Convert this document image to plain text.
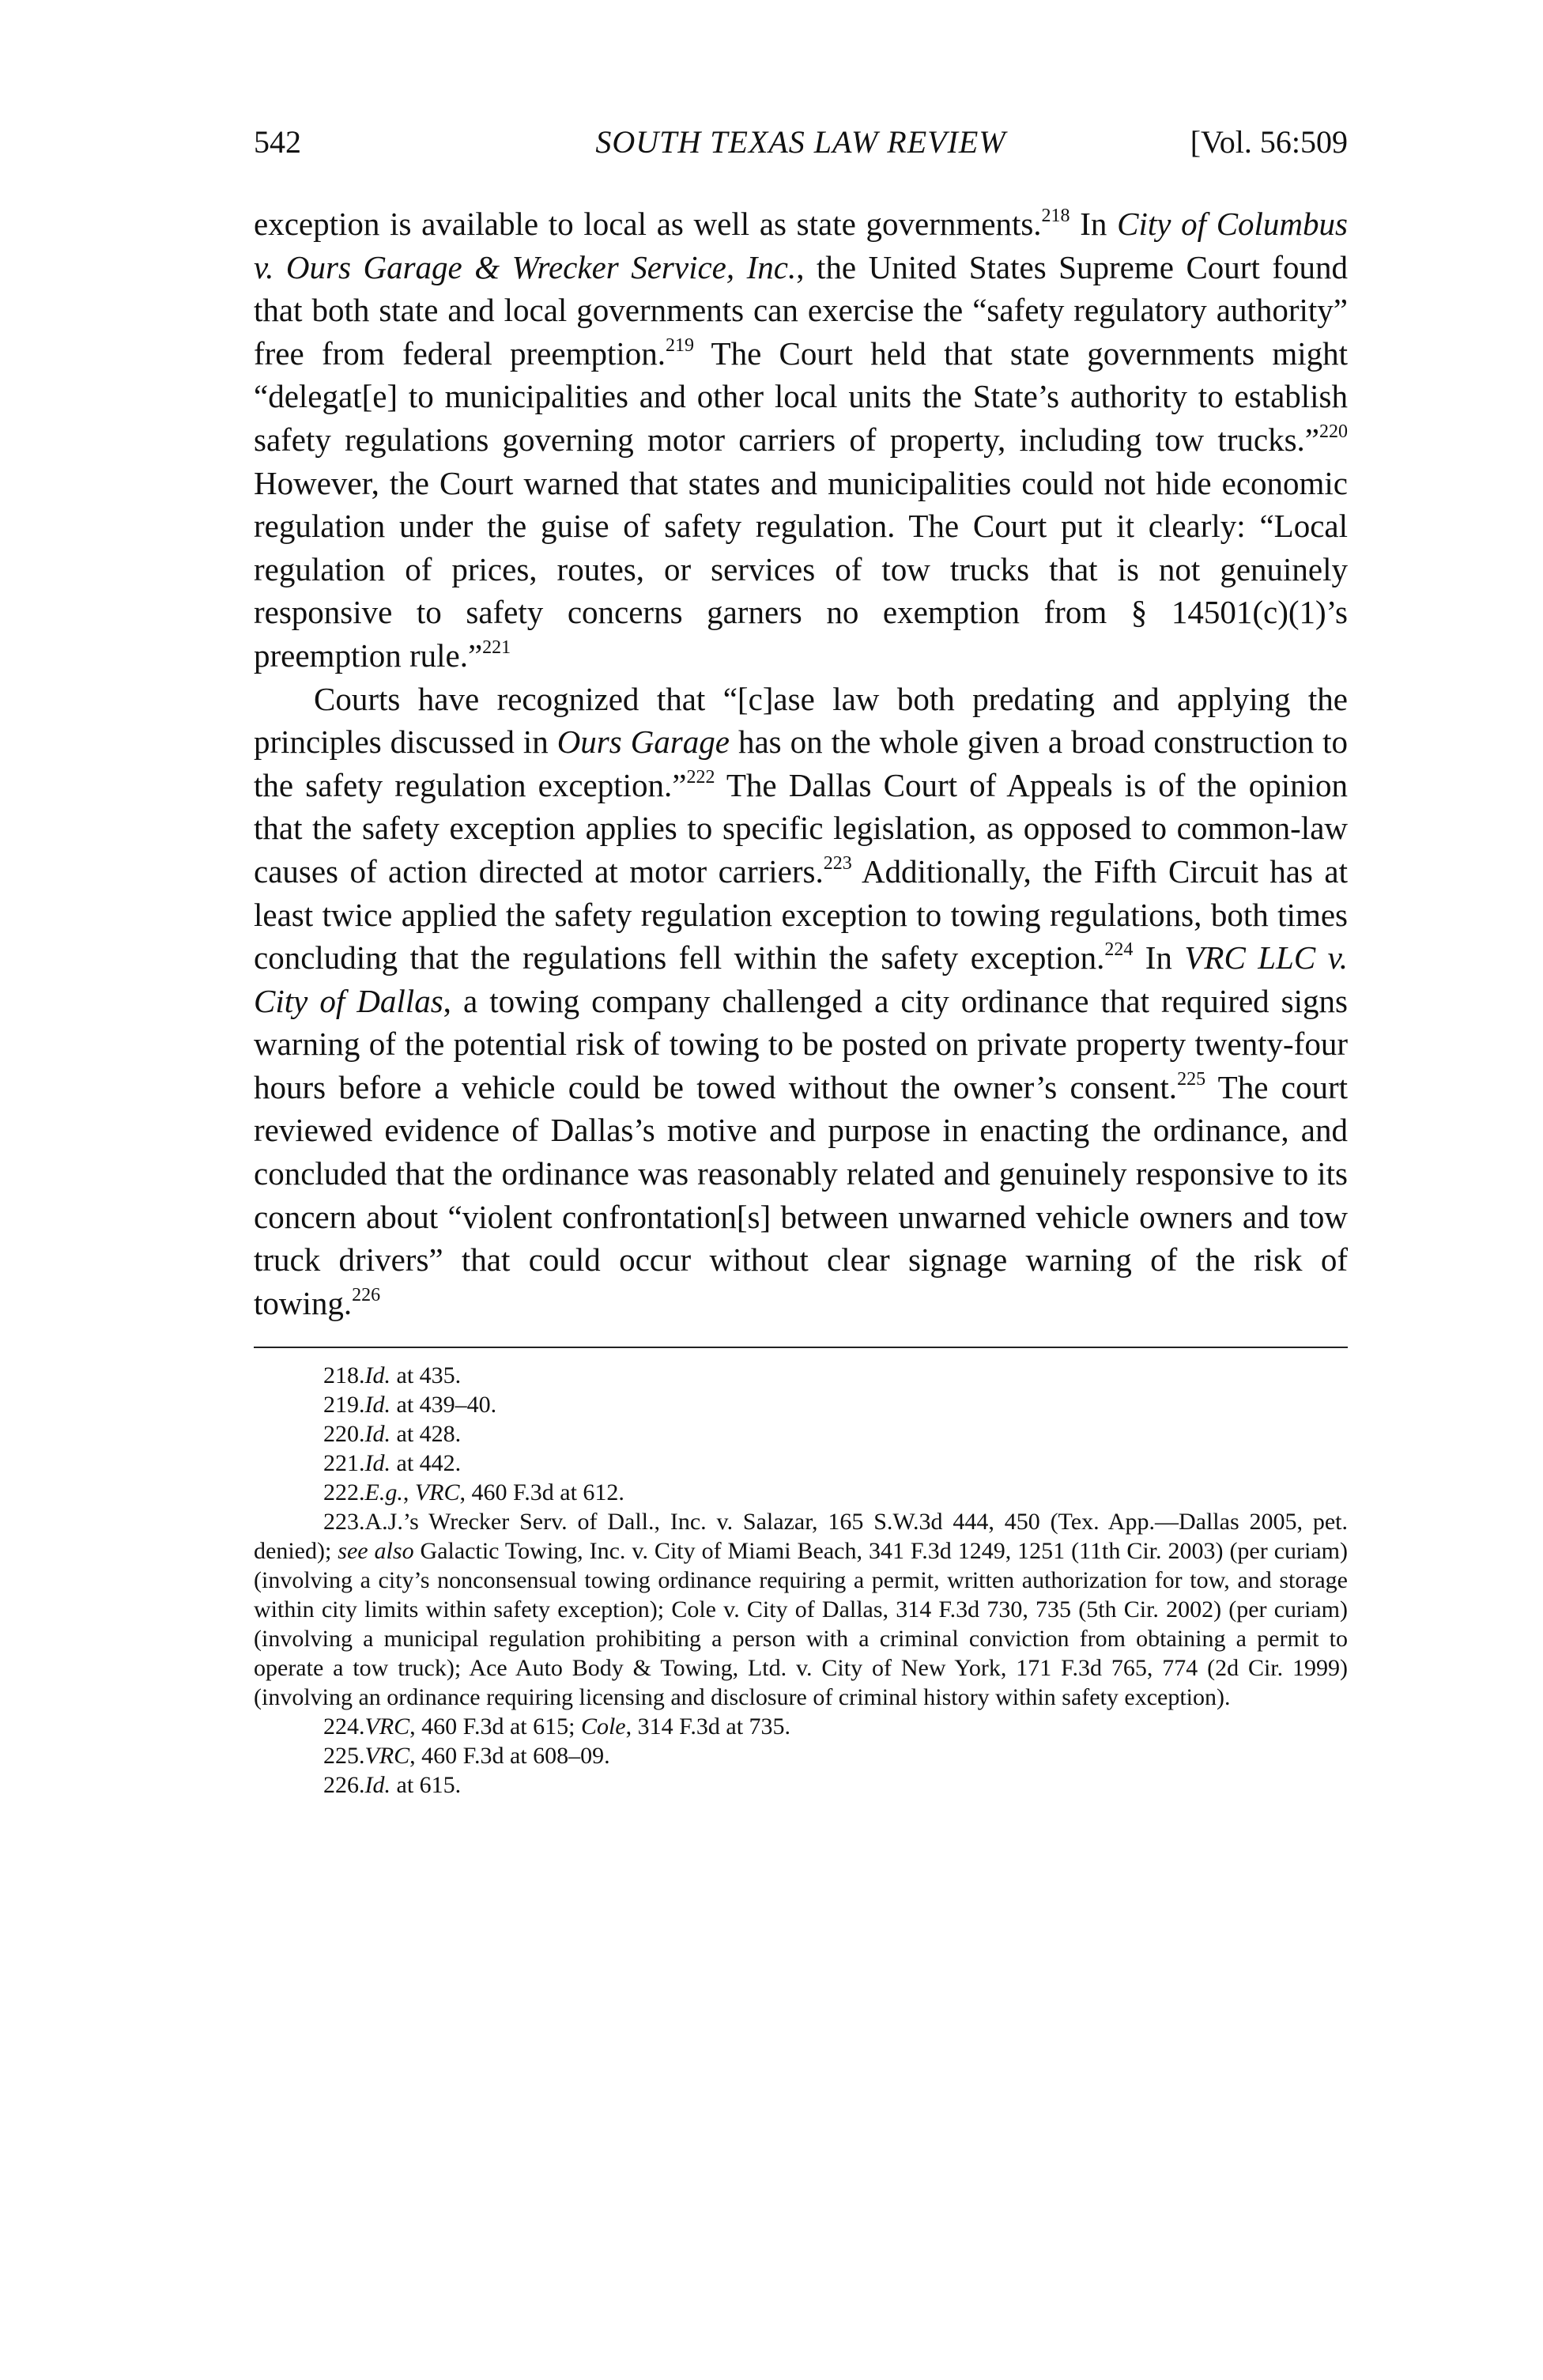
542	SOUTH TEXAS LAW REVIEW	[Vol. 56:509

exception is available to local as well as state governments.$^{218}$ In City of Columbus v. Ours Garage & Wrecker Service, Inc., the United States Supreme Court found that both state and local governments can exercise the “safety regulatory authority” free from federal preemption.$^{219}$ The Court held that state governments might “delegat[e] to municipalities and other local units the State’s authority to establish safety regulations governing motor carriers of property, including tow trucks.”$^{220}$ However, the Court warned that states and municipalities could not hide economic regulation under the guise of safety regulation. The Court put it clearly: “Local regulation of prices, routes, or services of tow trucks that is not genuinely responsive to safety concerns garners no exemption from § 14501(c)(1)’s preemption rule.”$^{221}$

Courts have recognized that “[c]ase law both predating and applying the principles discussed in Ours Garage has on the whole given a broad construction to the safety regulation exception.”$^{222}$ The Dallas Court of Appeals is of the opinion that the safety exception applies to specific legislation, as opposed to common-law causes of action directed at motor carriers.$^{223}$ Additionally, the Fifth Circuit has at least twice applied the safety regulation exception to towing regulations, both times concluding that the regulations fell within the safety exception.$^{224}$ In VRC LLC v. City of Dallas, a towing company challenged a city ordinance that required signs warning of the potential risk of towing to be posted on private property twenty-four hours before a vehicle could be towed without the owner’s consent.$^{225}$ The court reviewed evidence of Dallas’s motive and purpose in enacting the ordinance, and concluded that the ordinance was reasonably related and genuinely responsive to its concern about “violent confrontation[s] between unwarned vehicle owners and tow truck drivers” that could occur without clear signage warning of the risk of towing.$^{226}$

218.Id. at 435.

219.Id. at 439–40.

220.Id. at 428.

221.Id. at 442.

222.E.g., VRC, 460 F.3d at 612.

223.A.J.’s Wrecker Serv. of Dall., Inc. v. Salazar, 165 S.W.3d 444, 450 (Tex. App.—Dallas 2005, pet. denied); see also Galactic Towing, Inc. v. City of Miami Beach, 341 F.3d 1249, 1251 (11th Cir. 2003) (per curiam) (involving a city’s nonconsensual towing ordinance requiring a permit, written authorization for tow, and storage within city limits within safety exception); Cole v. City of Dallas, 314 F.3d 730, 735 (5th Cir. 2002) (per curiam) (involving a municipal regulation prohibiting a person with a criminal conviction from obtaining a permit to operate a tow truck); Ace Auto Body & Towing, Ltd. v. City of New York, 171 F.3d 765, 774 (2d Cir. 1999) (involving an ordinance requiring licensing and disclosure of criminal history within safety exception).

224.VRC, 460 F.3d at 615; Cole, 314 F.3d at 735.

225.VRC, 460 F.3d at 608–09.

226.Id. at 615.
